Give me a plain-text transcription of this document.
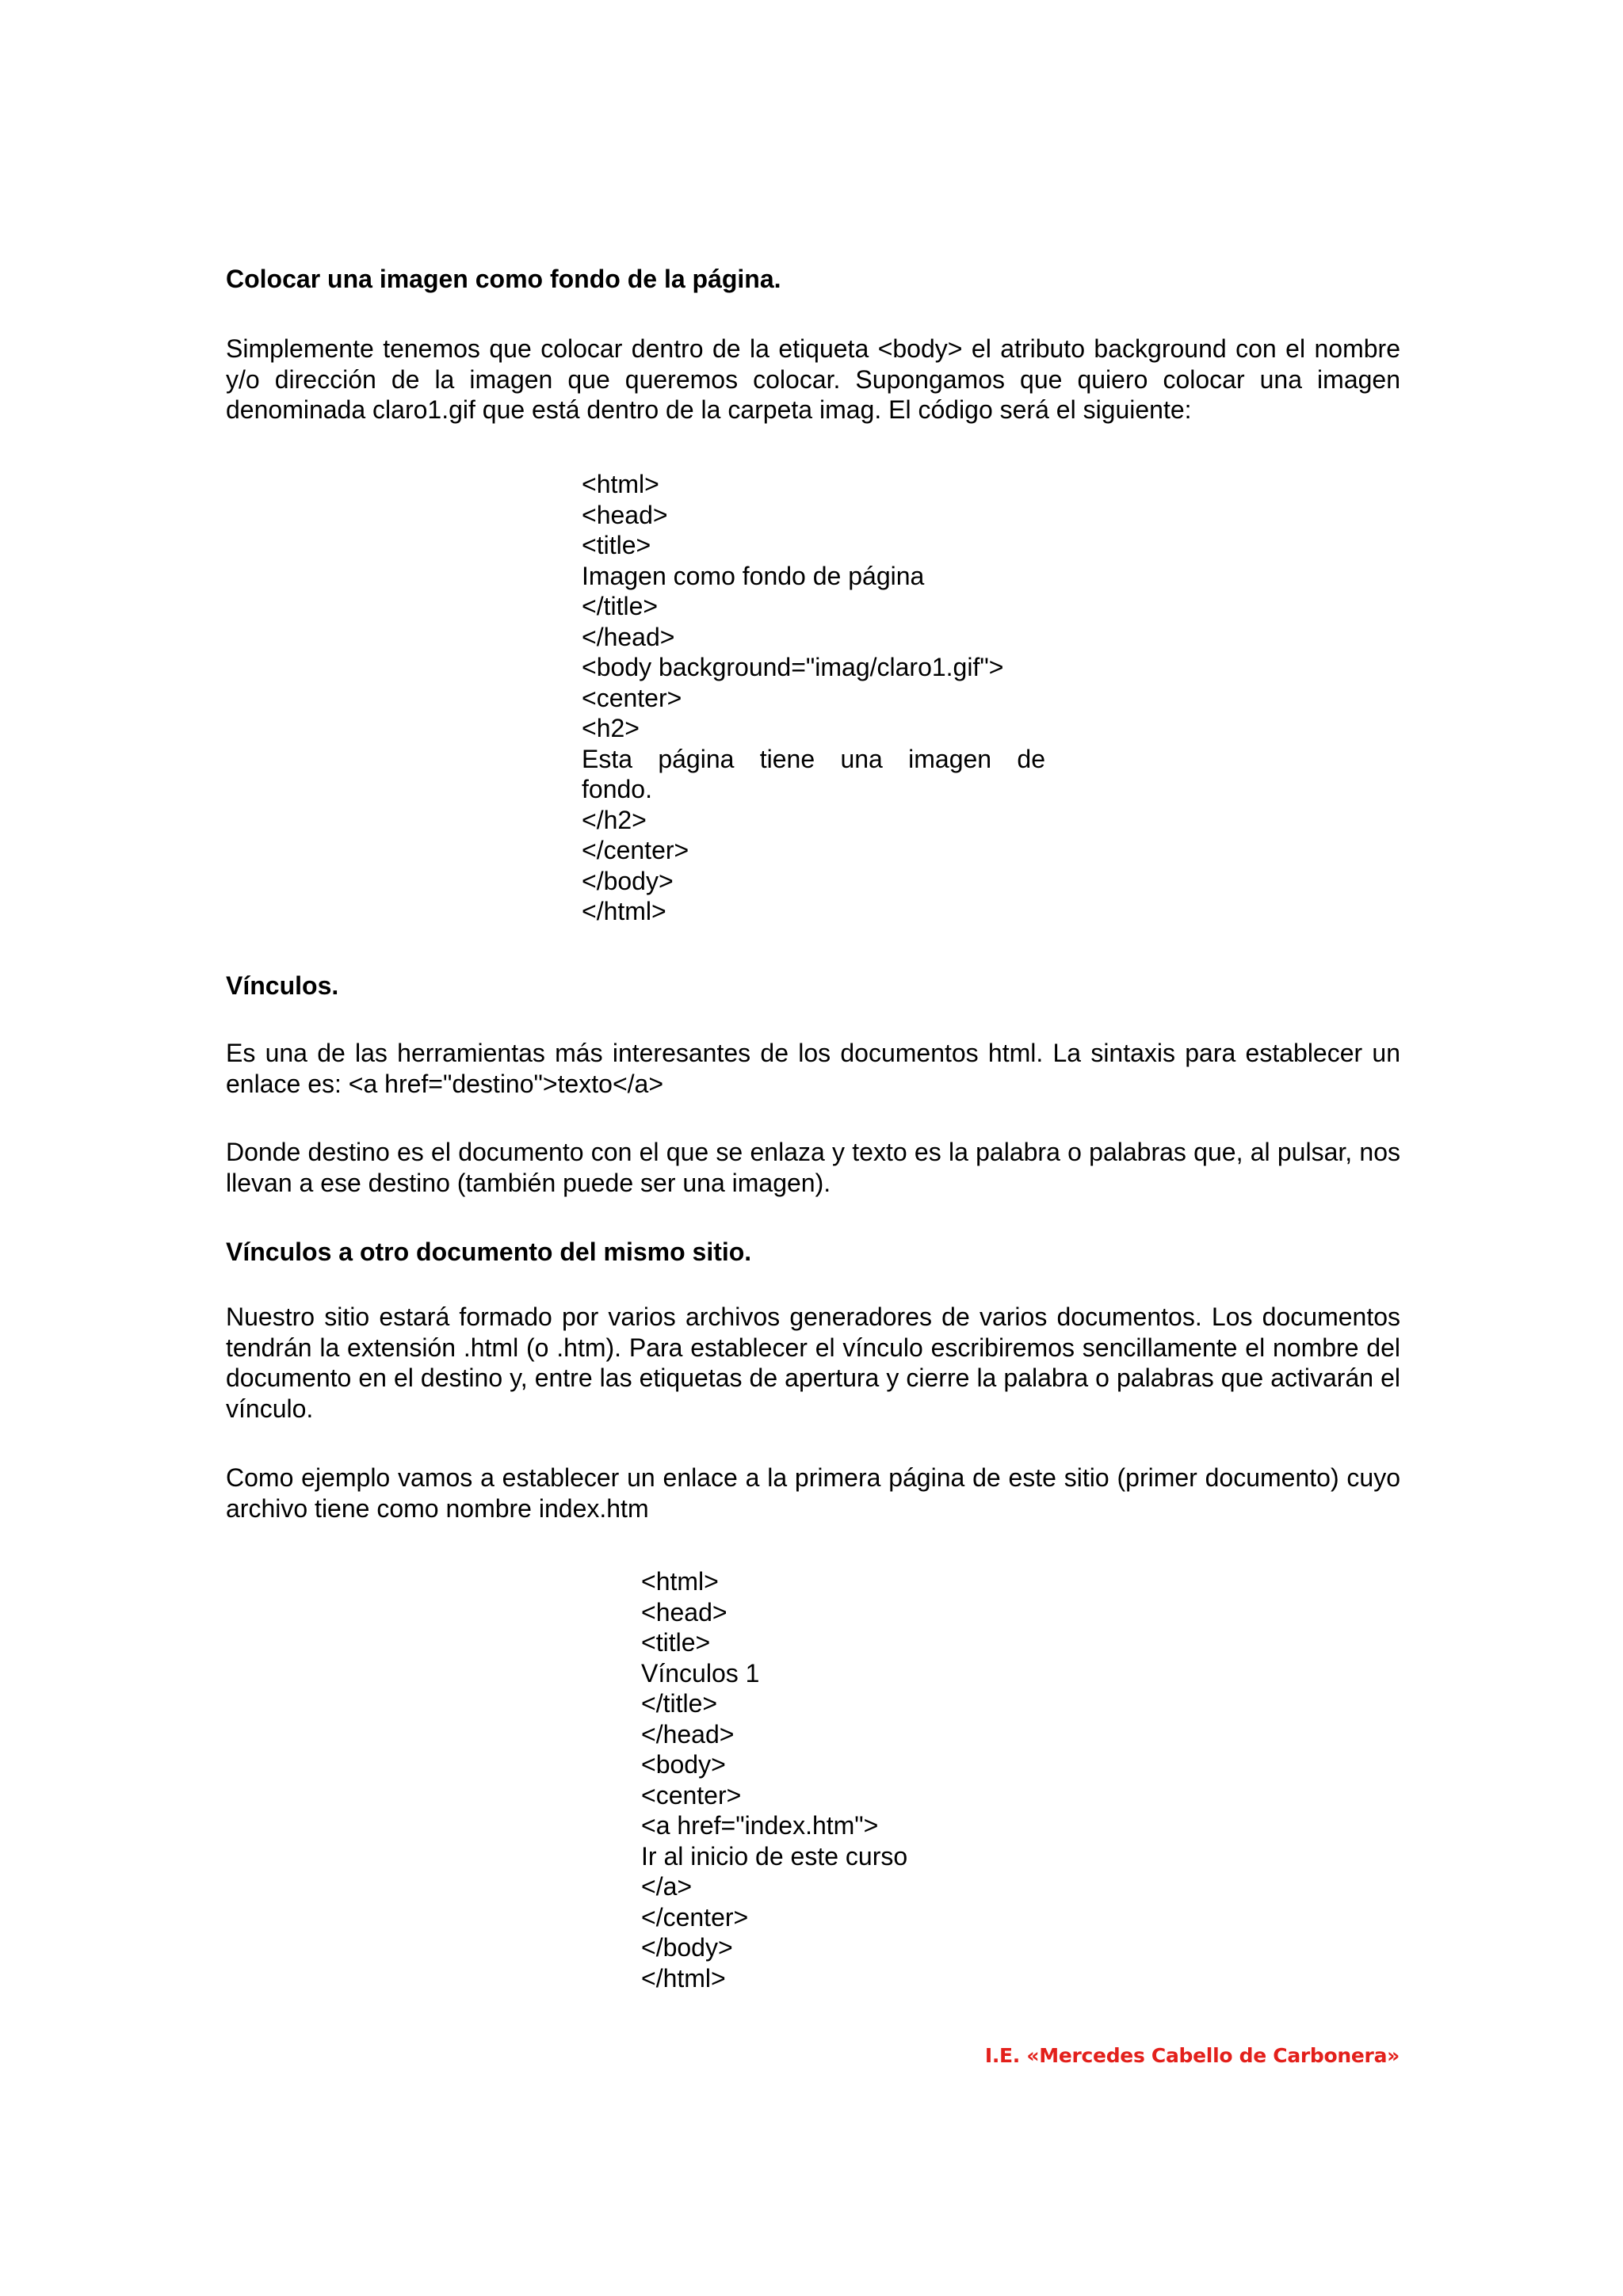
Colocar una imagen como fondo de la página.

Simplemente tenemos que colocar dentro de la etiqueta <body> el atributo background con el nombre y/o dirección de la imagen que queremos colocar. Supongamos que quiero colocar una imagen denominada claro1.gif que está dentro de la carpeta imag. El código será el siguiente:

<html>
<head>
<title>
Imagen como fondo de página
</title>
</head>
<body background="imag/claro1.gif">
<center>
<h2>
Esta página tiene una imagen de
fondo.
</h2>
</center>
</body>
</html>
Vínculos.

Es una de las herramientas más interesantes de los documentos html. La sintaxis para establecer un enlace es: <a href="destino">texto</a>

Donde destino es el documento con el que se enlaza y texto es la palabra o palabras que, al pulsar, nos llevan a ese destino (también puede ser una imagen).

Vínculos a otro documento del mismo sitio.

Nuestro sitio estará formado por varios archivos generadores de varios documentos. Los documentos tendrán la extensión .html (o .htm). Para establecer el vínculo escribiremos sencillamente el nombre del documento en el destino y, entre las etiquetas de apertura y cierre la palabra o palabras que activarán el vínculo.

Como ejemplo vamos a establecer un enlace a la primera página de este sitio (primer documento) cuyo archivo tiene como nombre index.htm

<html>
<head>
<title>
Vínculos 1
</title>
</head>
<body>
<center>
<a href="index.htm">
Ir al inicio de este curso
</a>
</center>
</body>
</html>
I.E. «Mercedes Cabello de Carbonera»
